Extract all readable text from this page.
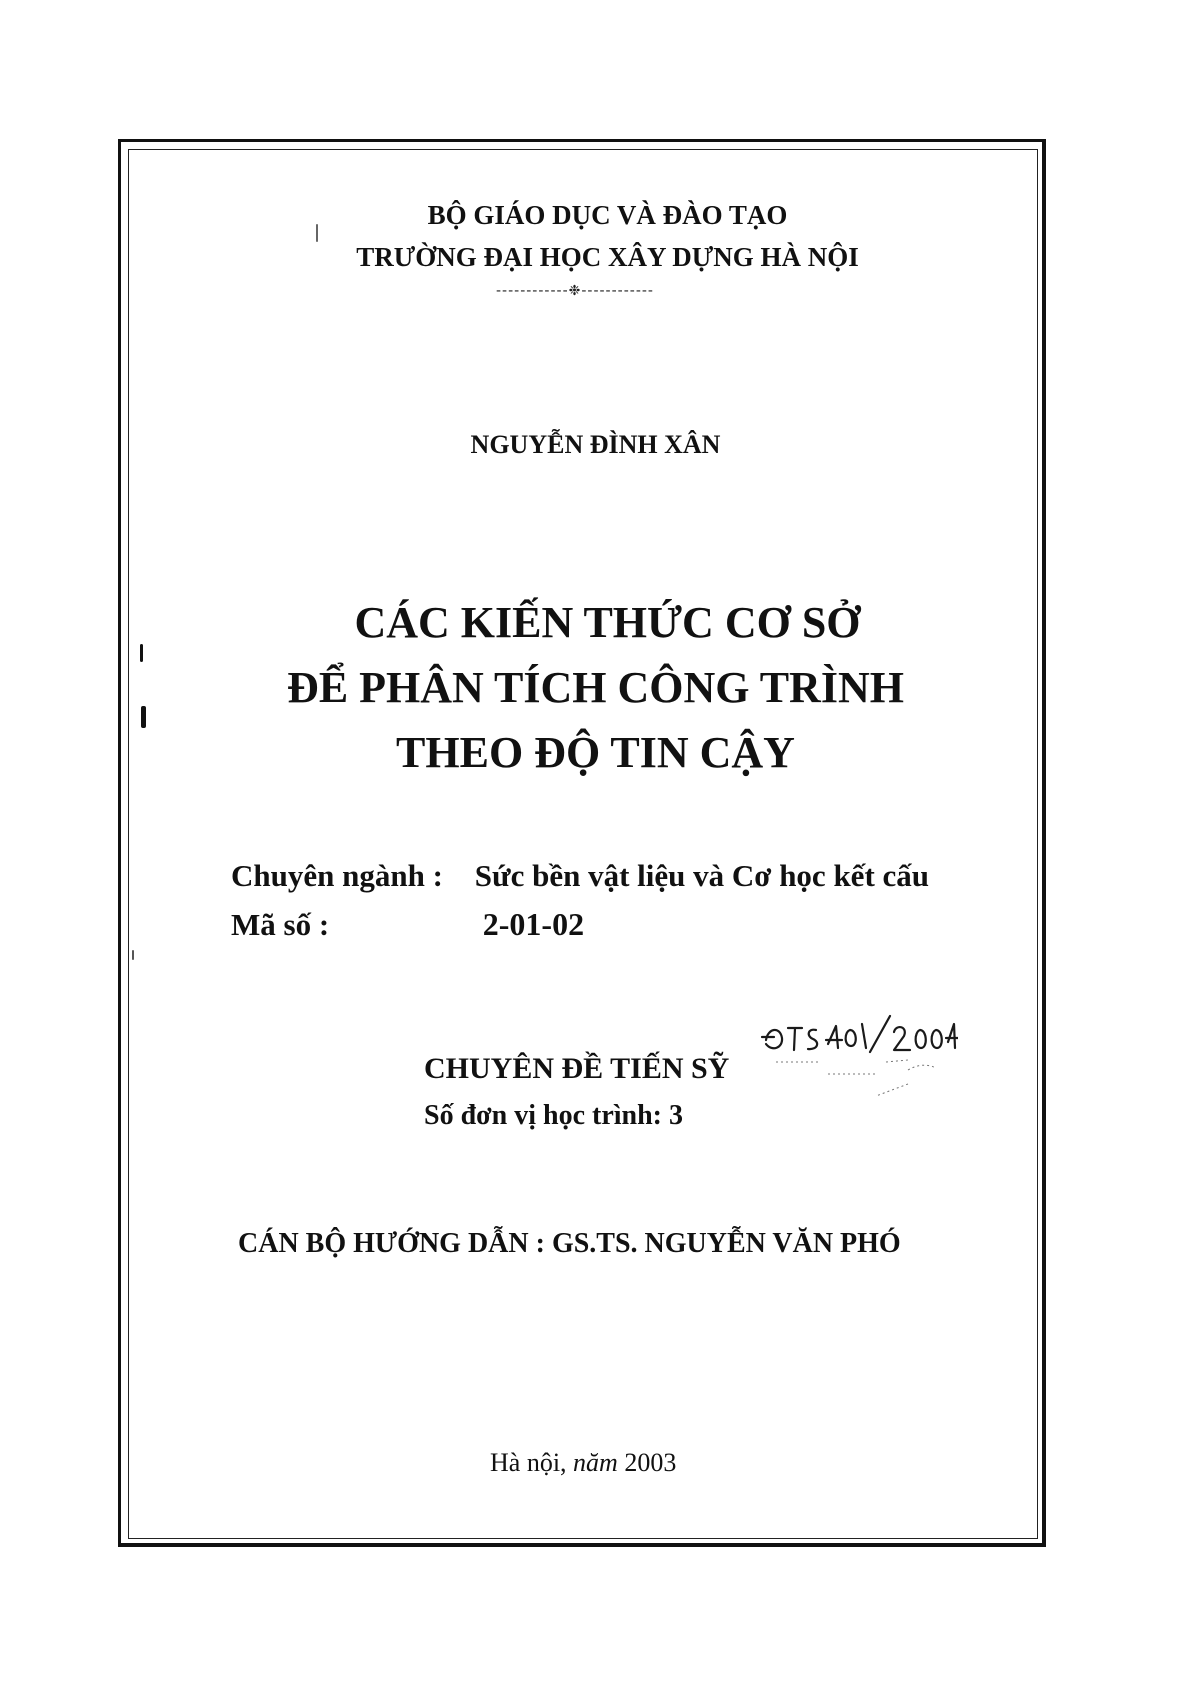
BỘ GIÁO DỤC VÀ ĐÀO TẠO
TRƯỜNG ĐẠI HỌC XÂY DỰNG HÀ NỘI
------------❉------------
NGUYỄN ĐÌNH XÂN
CÁC KIẾN THỨC CƠ SỞ
ĐỂ PHÂN TÍCH CÔNG TRÌNH
THEO ĐỘ TIN CẬY
Chuyên ngành : Sức bền vật liệu và Cơ học kết cấu
Mã số :	2-01-02
CHUYÊN ĐỀ TIẾN SỸ
Số đơn vị học trình: 3
CÁN BỘ HƯỚNG DẪN : GS.TS. NGUYỄN VĂN PHÓ
Hà nội, năm 2003
